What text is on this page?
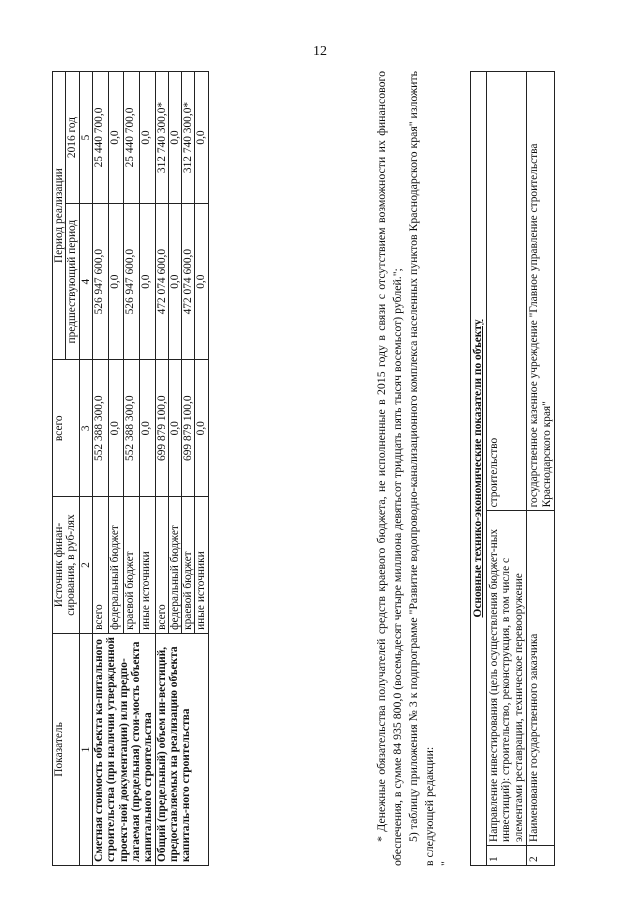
12
Показатель	Источник финан-сирования, в руб-лях	всего	Период реализации	
			предшествующий период	2016 год
1	2	3	4	5
Сметная стоимость объекта ка-питального строительства (при наличии утвержденной проект-ной документации) или предпо-лагаемая (предельная) стои-мость объекта капитального строительства	всего	552 388 300,0	526 947 600,0	25 440 700,0
	федеральный бюджет	0,0	0,0	0,0
	краевой бюджет	552 388 300,0	526 947 600,0	25 440 700,0
	иные источники	0,0	0,0	0,0
Общий (предельный) объем ин-вестиций, предоставляемых на реализацию объекта капиталь-ного строительства	всего	699 879 100,0	472 074 600,0	312 740 300,0*
	федеральный бюджет	0,0	0,0	0,0
	краевой бюджет	699 879 100,0	472 074 600,0	312 740 300,0*
	иные источники	0,0	0,0	0,0	* Денежные обязательства получателей средств краевого бюджета, не исполненные в 2015 году в связи с отсутствием возможности их финансового обеспечения, в сумме 84 935 800,0 (восемьдесят четыре миллиона девятьсот тридцать пять тысяч восемьсот) рублей."; 5) таблицу приложения № 3 к подпрограмме "Развитие водопроводно-канализационного комплекса населенных пунктов Краснодарского края" изложить в следующей редакции: "

Основные технико-экономические показатели по объекту		
1	Направление инвестирования (цель осуществления бюджет-ных инвестиций): строительство, реконструкция, в том числе с элементами реставрации, техническое перевооружение	строительство
2	Наименование государственного заказчика	государственное казенное учреждение "Главное управление строительства Краснодарского края"
